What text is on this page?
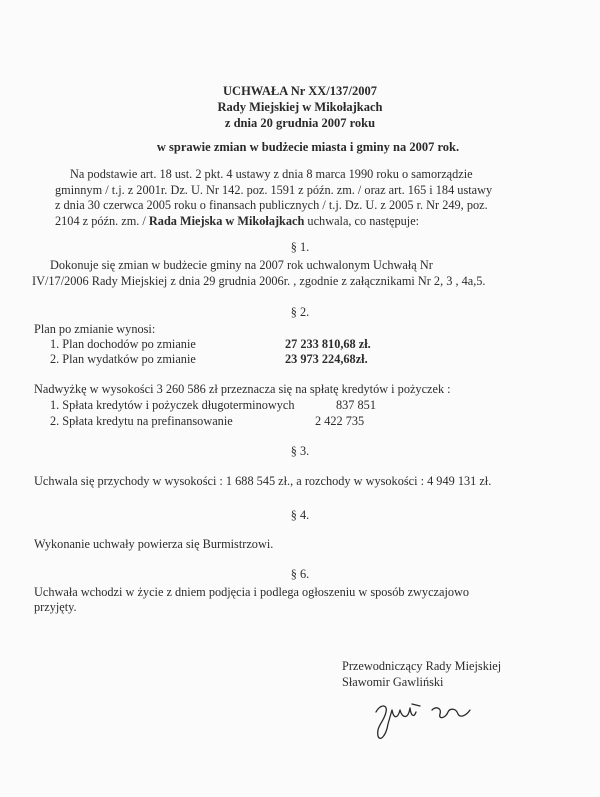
UCHWAŁA Nr XX/137/2007
Rady Miejskiej w Mikołajkach
z dnia 20 grudnia 2007 roku
w sprawie zmian w budżecie miasta i gminy na 2007 rok.
Na podstawie art. 18 ust. 2 pkt. 4 ustawy z dnia 8 marca 1990 roku o samorządzie
gminnym / t.j. z 2001r. Dz. U. Nr 142. poz. 1591 z późn. zm. / oraz art. 165 i 184 ustawy
z dnia 30 czerwca 2005 roku o finansach publicznych / t.j. Dz. U. z 2005 r. Nr 249, poz.
2104 z późn. zm. / Rada Miejska w Mikołajkach uchwala, co następuje:
§ 1.
Dokonuje się zmian w budżecie gminy na 2007 rok uchwalonym Uchwałą Nr
IV/17/2006 Rady Miejskiej z dnia 29 grudnia 2006r. , zgodnie z załącznikami Nr 2, 3 , 4a,5.
§ 2.
Plan po zmianie wynosi:
1. Plan dochodów po zmianie	27 233 810,68 zł.
2. Plan wydatków po zmianie	23 973 224,68zł.
Nadwyżkę w wysokości 3 260 586 zł przeznacza się na spłatę kredytów i pożyczek :
1. Spłata kredytów i pożyczek długoterminowych	837 851
2. Spłata kredytu na prefinansowanie	2 422 735
§ 3.
Uchwala się przychody w wysokości : 1 688 545 zł., a rozchody w wysokości : 4 949 131 zł.
§ 4.
Wykonanie uchwały powierza się Burmistrzowi.
§ 6.
Uchwała wchodzi w życie z dniem podjęcia i podlega ogłoszeniu w sposób zwyczajowo
przyjęty.
Przewodniczący Rady Miejskiej
Sławomir Gawliński
